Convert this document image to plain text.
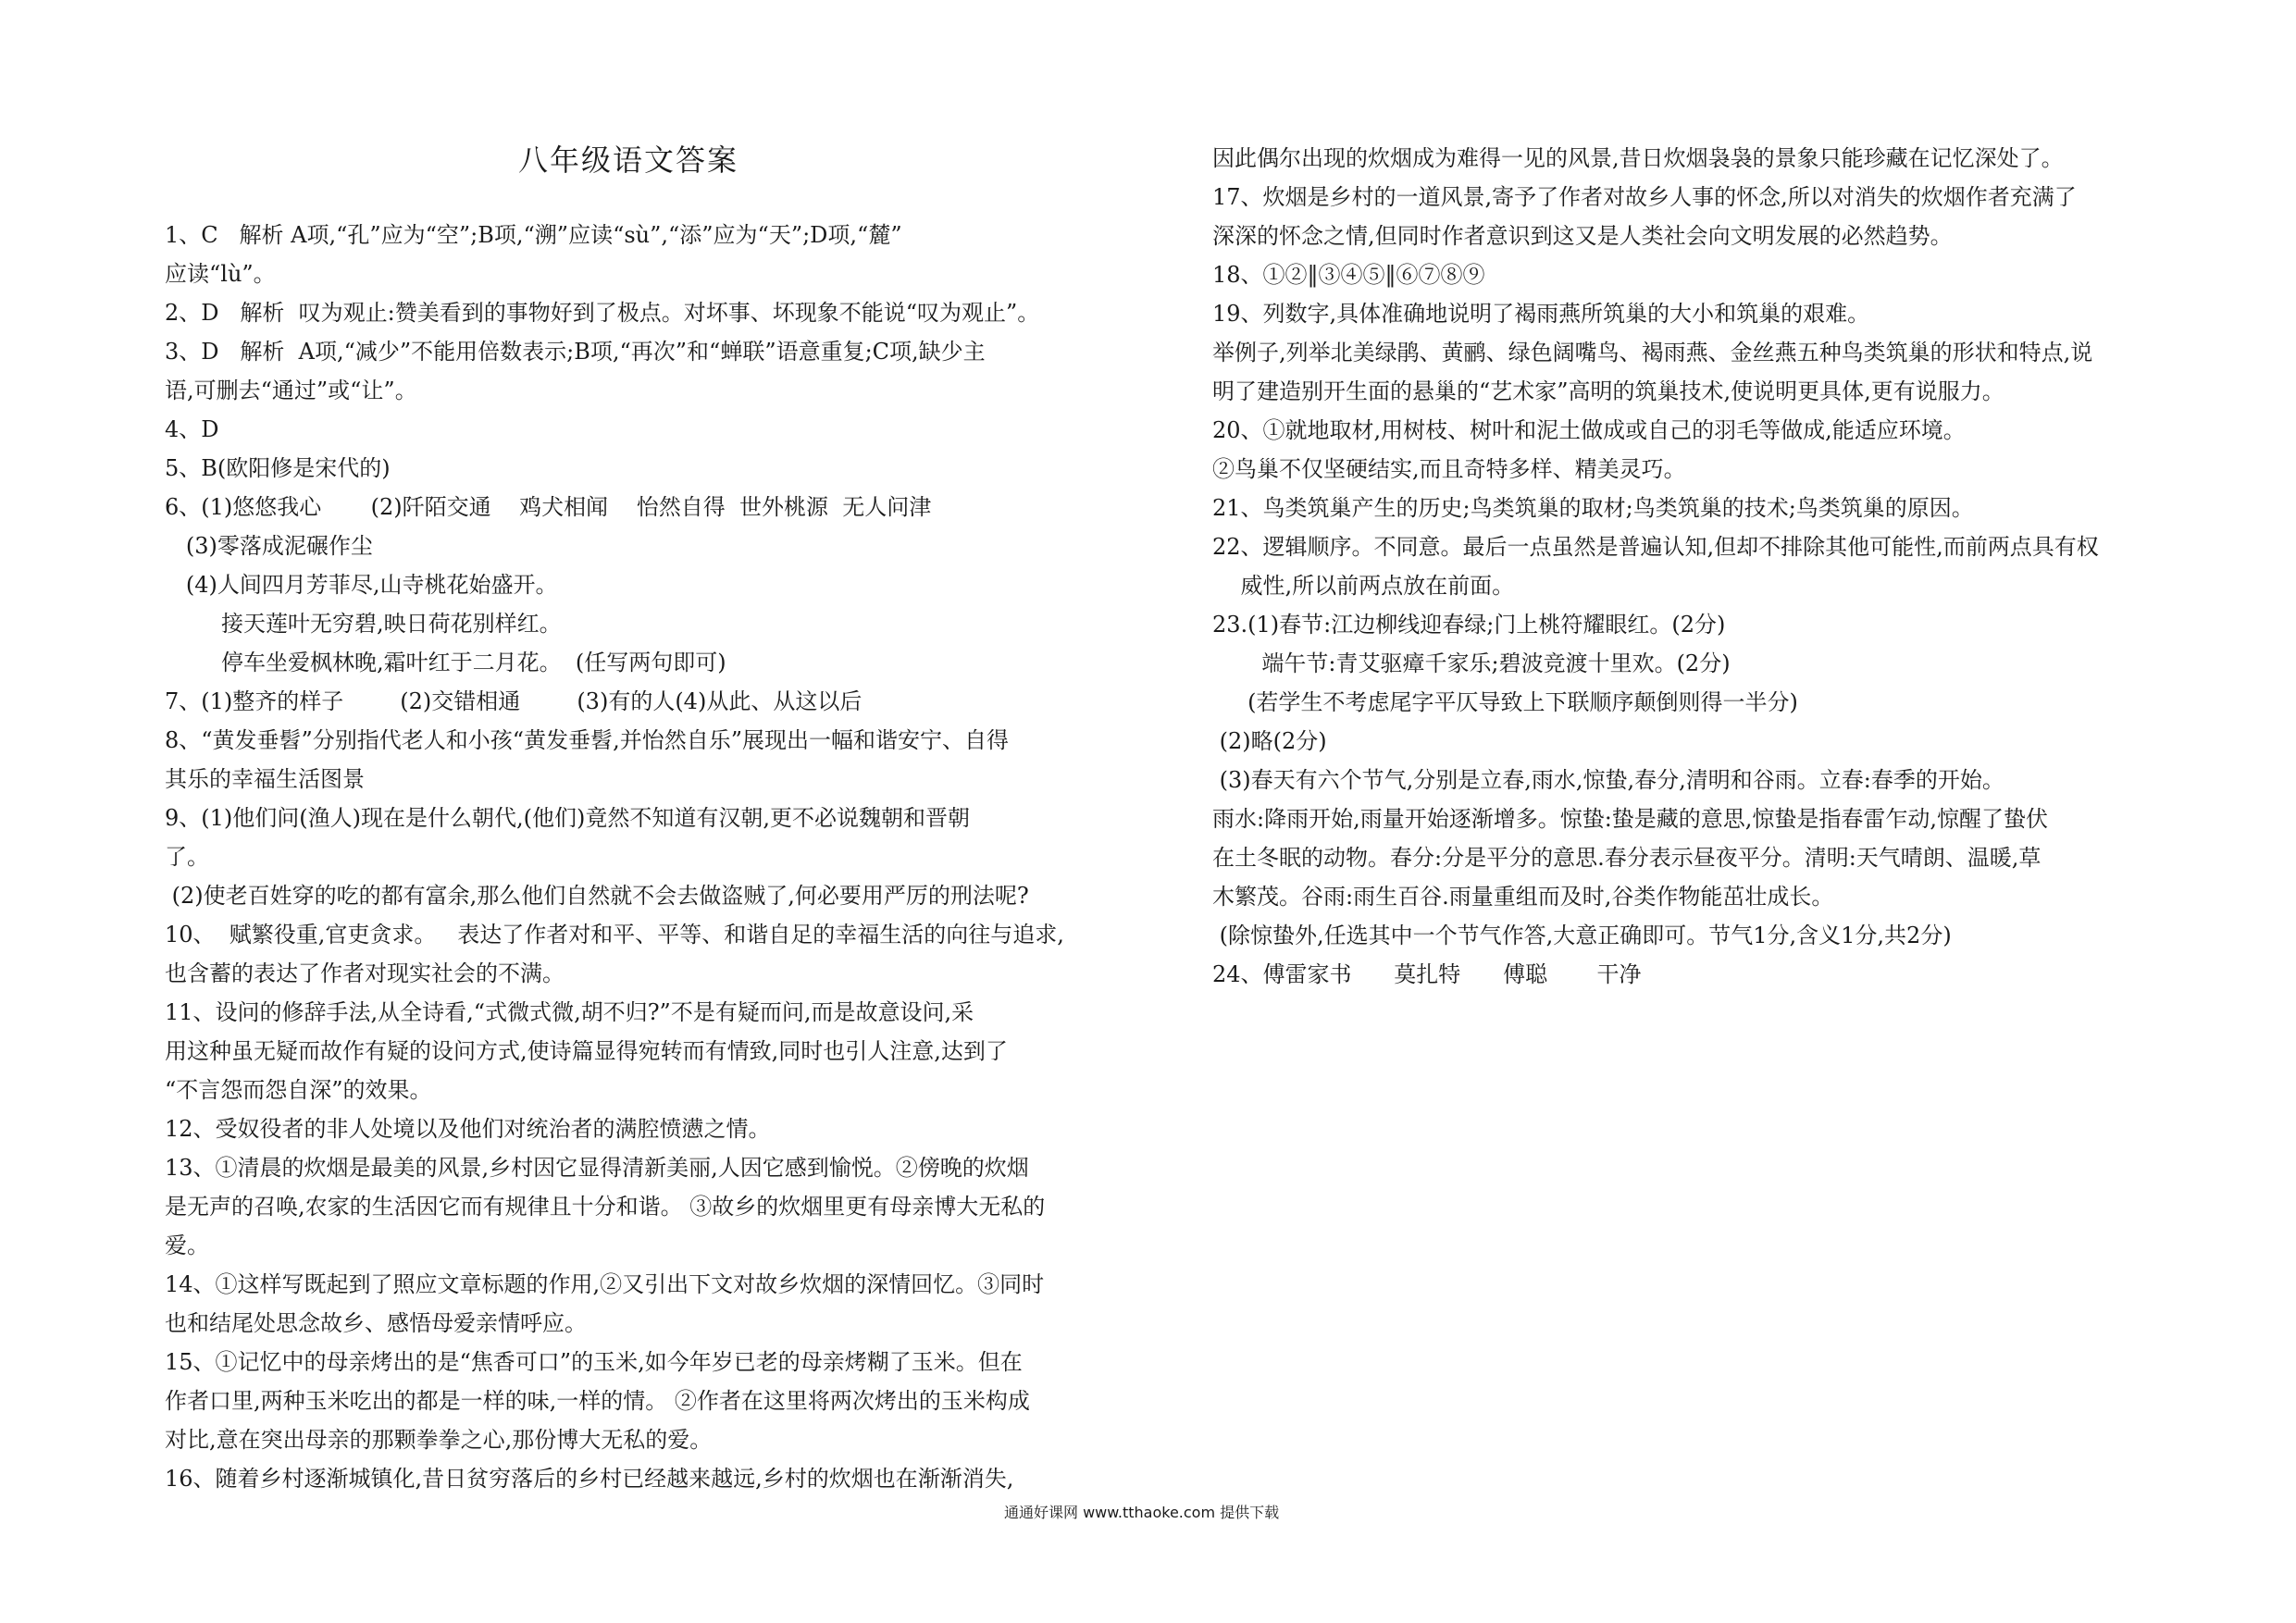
八年级语文答案
1、C   解析 A项,“孔”应为“空”;B项,“溯”应读“sù”,“添”应为“天”;D项,“麓”
应读“lù”。
2、D   解析  叹为观止:赞美看到的事物好到了极点。对坏事、坏现象不能说“叹为观止”。
3、D   解析  A项,“减少”不能用倍数表示;B项,“再次”和“蝉联”语意重复;C项,缺少主
语,可删去“通过”或“让”。
4、D
5、B(欧阳修是宋代的)
6、(1)悠悠我心       (2)阡陌交通    鸡犬相闻    怡然自得  世外桃源  无人问津
(3)零落成泥碾作尘
(4)人间四月芳菲尽,山寺桃花始盛开。
接天莲叶无穷碧,映日荷花别样红。
停车坐爱枫林晚,霜叶红于二月花。  (任写两句即可)
7、(1)整齐的样子        (2)交错相通        (3)有的人(4)从此、从这以后
8、“黄发垂髫”分别指代老人和小孩“黄发垂髫,并怡然自乐”展现出一幅和谐安宁、自得
其乐的幸福生活图景
9、(1)他们问(渔人)现在是什么朝代,(他们)竟然不知道有汉朝,更不必说魏朝和晋朝
了。
(2)使老百姓穿的吃的都有富余,那么他们自然就不会去做盗贼了,何必要用严厉的刑法呢?
10、  赋繁役重,官吏贪求。   表达了作者对和平、平等、和谐自足的幸福生活的向往与追求,
也含蓄的表达了作者对现实社会的不满。
11、设问的修辞手法,从全诗看,“式微式微,胡不归?”不是有疑而问,而是故意设问,采
用这种虽无疑而故作有疑的设问方式,使诗篇显得宛转而有情致,同时也引人注意,达到了
“不言怨而怨自深”的效果。
12、受奴役者的非人处境以及他们对统治者的满腔愤懑之情。
13、①清晨的炊烟是最美的风景,乡村因它显得清新美丽,人因它感到愉悦。②傍晚的炊烟
是无声的召唤,农家的生活因它而有规律且十分和谐。 ③故乡的炊烟里更有母亲博大无私的
爱。
14、①这样写既起到了照应文章标题的作用,②又引出下文对故乡炊烟的深情回忆。③同时
也和结尾处思念故乡、感悟母爱亲情呼应。
15、①记忆中的母亲烤出的是“焦香可口”的玉米,如今年岁已老的母亲烤糊了玉米。但在
作者口里,两种玉米吃出的都是一样的味,一样的情。 ②作者在这里将两次烤出的玉米构成
对比,意在突出母亲的那颗拳拳之心,那份博大无私的爱。
16、随着乡村逐渐城镇化,昔日贫穷落后的乡村已经越来越远,乡村的炊烟也在渐渐消失,
因此偶尔出现的炊烟成为难得一见的风景,昔日炊烟袅袅的景象只能珍藏在记忆深处了。
17、炊烟是乡村的一道风景,寄予了作者对故乡人事的怀念,所以对消失的炊烟作者充满了
深深的怀念之情,但同时作者意识到这又是人类社会向文明发展的必然趋势。
18、①②‖③④⑤‖⑥⑦⑧⑨
19、列数字,具体准确地说明了褐雨燕所筑巢的大小和筑巢的艰难。
举例子,列举北美绿鹃、黄鹂、绿色阔嘴鸟、褐雨燕、金丝燕五种鸟类筑巢的形状和特点,说
明了建造别开生面的悬巢的“艺术家”高明的筑巢技术,使说明更具体,更有说服力。
20、①就地取材,用树枝、树叶和泥土做成或自己的羽毛等做成,能适应环境。
②鸟巢不仅坚硬结实,而且奇特多样、精美灵巧。
21、鸟类筑巢产生的历史;鸟类筑巢的取材;鸟类筑巢的技术;鸟类筑巢的原因。
22、逻辑顺序。不同意。最后一点虽然是普遍认知,但却不排除其他可能性,而前两点具有权
威性,所以前两点放在前面。
23.(1)春节:江边柳线迎春绿;门上桃符耀眼红。(2分)
端午节:青艾驱瘴千家乐;碧波竞渡十里欢。(2分)
(若学生不考虑尾字平仄导致上下联顺序颠倒则得一半分)
(2)略(2分)
(3)春天有六个节气,分别是立春,雨水,惊蛰,春分,清明和谷雨。立春:春季的开始。
雨水:降雨开始,雨量开始逐渐增多。惊蛰:蛰是藏的意思,惊蛰是指春雷乍动,惊醒了蛰伏
在土冬眠的动物。春分:分是平分的意思.春分表示昼夜平分。清明:天气晴朗、温暖,草
木繁茂。谷雨:雨生百谷.雨量重组而及时,谷类作物能茁壮成长。
(除惊蛰外,任选其中一个节气作答,大意正确即可。节气1分,含义1分,共2分)
24、傅雷家书      莫扎特      傅聪       干净
通通好课网 www.tthaoke.com 提供下载
